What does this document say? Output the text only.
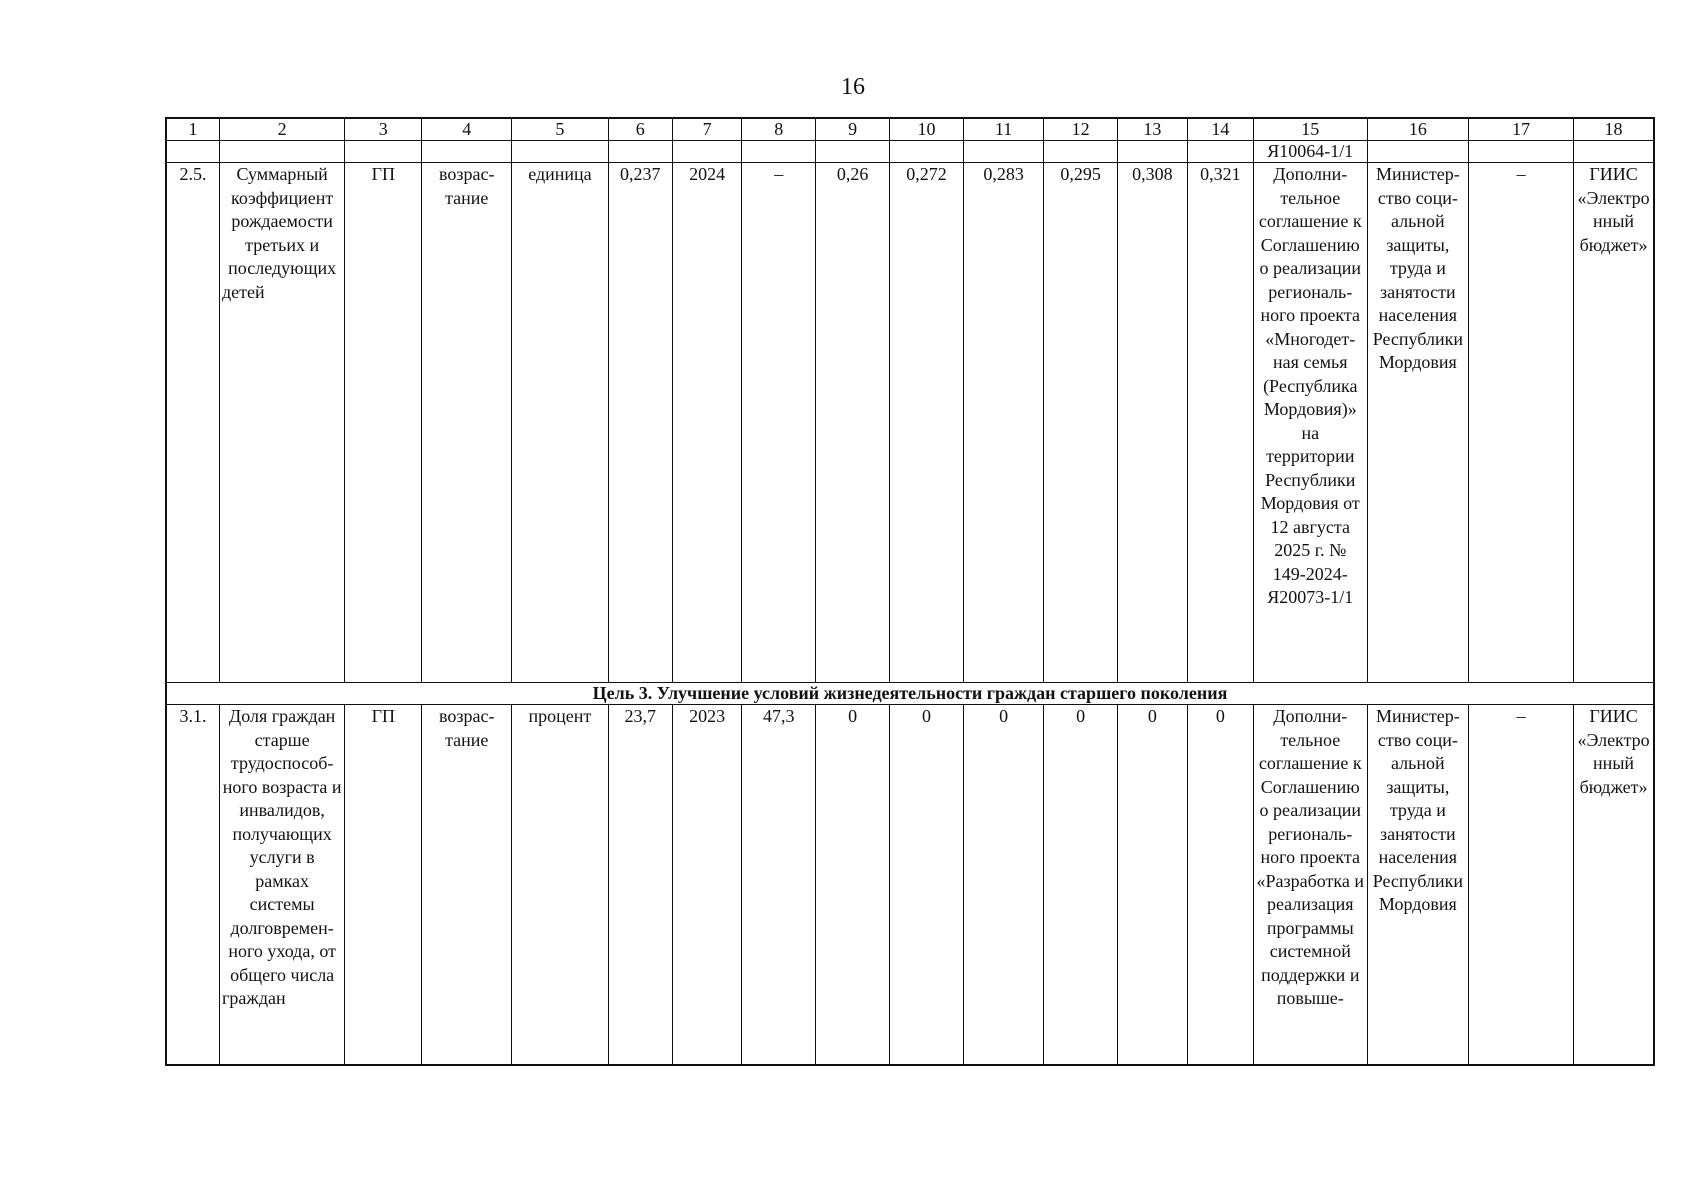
16
1	2	3	4	5	6	7	8	9	10	11	12	13	14	15	16	17	18
														Я10064-1/1			
2.5.	Суммарный коэффициент рождаемости третьих и последующих детей	ГП	возрастание	единица	0,237	2024	–	0,26	0,272	0,283	0,295	0,308	0,321	Дополнительное соглашение к Соглашению о реализации регионального проекта «Многодетная семья (Республика Мордовия)» на территории Республики Мордовия от 12 августа 2025 г. № 149-2024-Я20073-1/1	Министерство социальной защиты, труда и занятости населения Республики Мордовия	–	ГИИС «Электронный бюджет»
Цель 3. Улучшение условий жизнедеятельности граждан старшего поколения																	
3.1.	Доля граждан старше трудоспособного возраста и инвалидов, получающих услуги в рамках системы долговременного ухода, от общего числа граждан	ГП	возрастание	процент	23,7	2023	47,3	0	0	0	0	0	0	Дополнительное соглашение к Соглашению о реализации регионального проекта «Разработка и реализация программы системной поддержки и повыше-	Министерство социальной защиты, труда и занятости населения Республики Мордовия	–	ГИИС «Электронный бюджет»
